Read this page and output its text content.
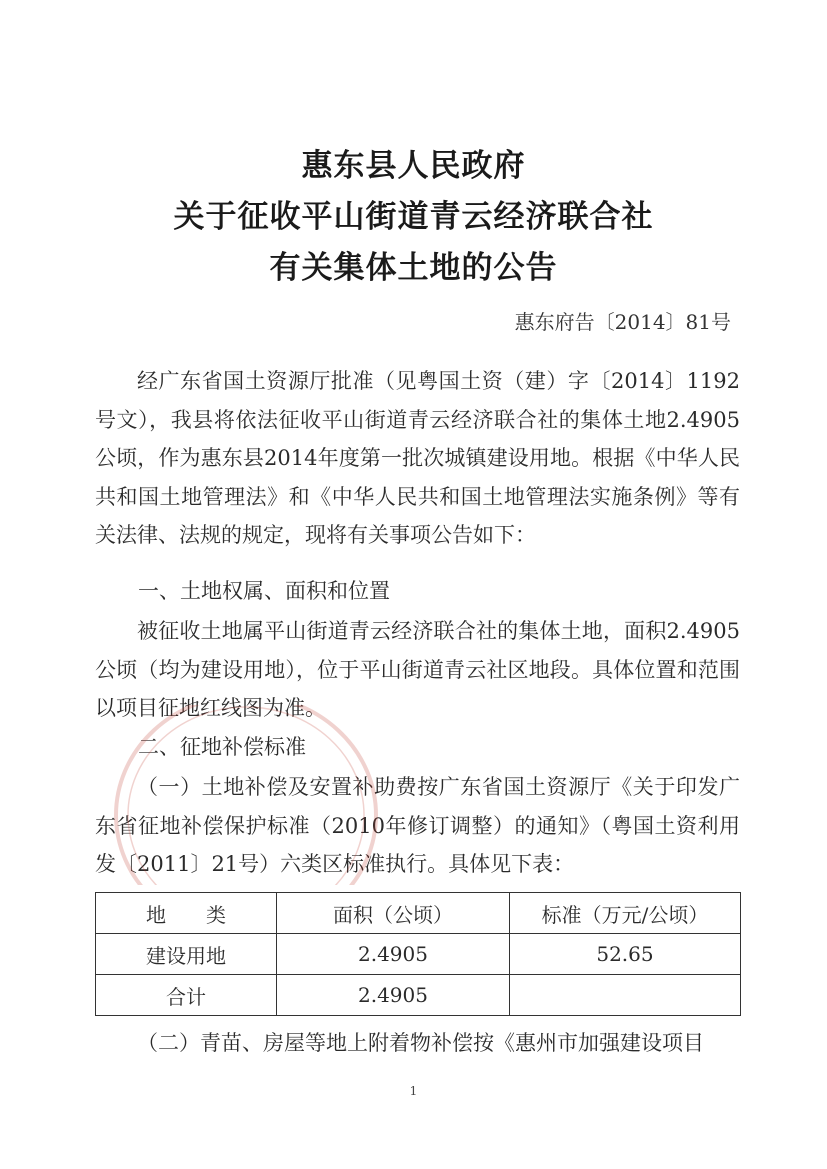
惠东县人民政府
关于征收平山街道青云经济联合社
有关集体土地的公告
惠东府告〔2014〕81号

经广东省国土资源厅批准（见粤国土资（建）字〔2014〕1192号文），我县将依法征收平山街道青云经济联合社的集体土地2.4905公顷，作为惠东县2014年度第一批次城镇建设用地。根据《中华人民共和国土地管理法》和《中华人民共和国土地管理法实施条例》等有关法律、法规的规定，现将有关事项公告如下：

一、土地权属、面积和位置

被征收土地属平山街道青云经济联合社的集体土地，面积2.4905公顷（均为建设用地），位于平山街道青云社区地段。具体位置和范围以项目征地红线图为准。

二、征地补偿标准

（一）土地补偿及安置补助费按广东省国土资源厅《关于印发广东省征地补偿保护标准（2010年修订调整）的通知》（粤国土资利用发〔2011〕21号）六类区标准执行。具体见下表：

地　　类	面积（公顷）	标准（万元/公顷）
建设用地	2.4905	52.65
合计	2.4905	

（二）青苗、房屋等地上附着物补偿按《惠州市加强建设项目

1
